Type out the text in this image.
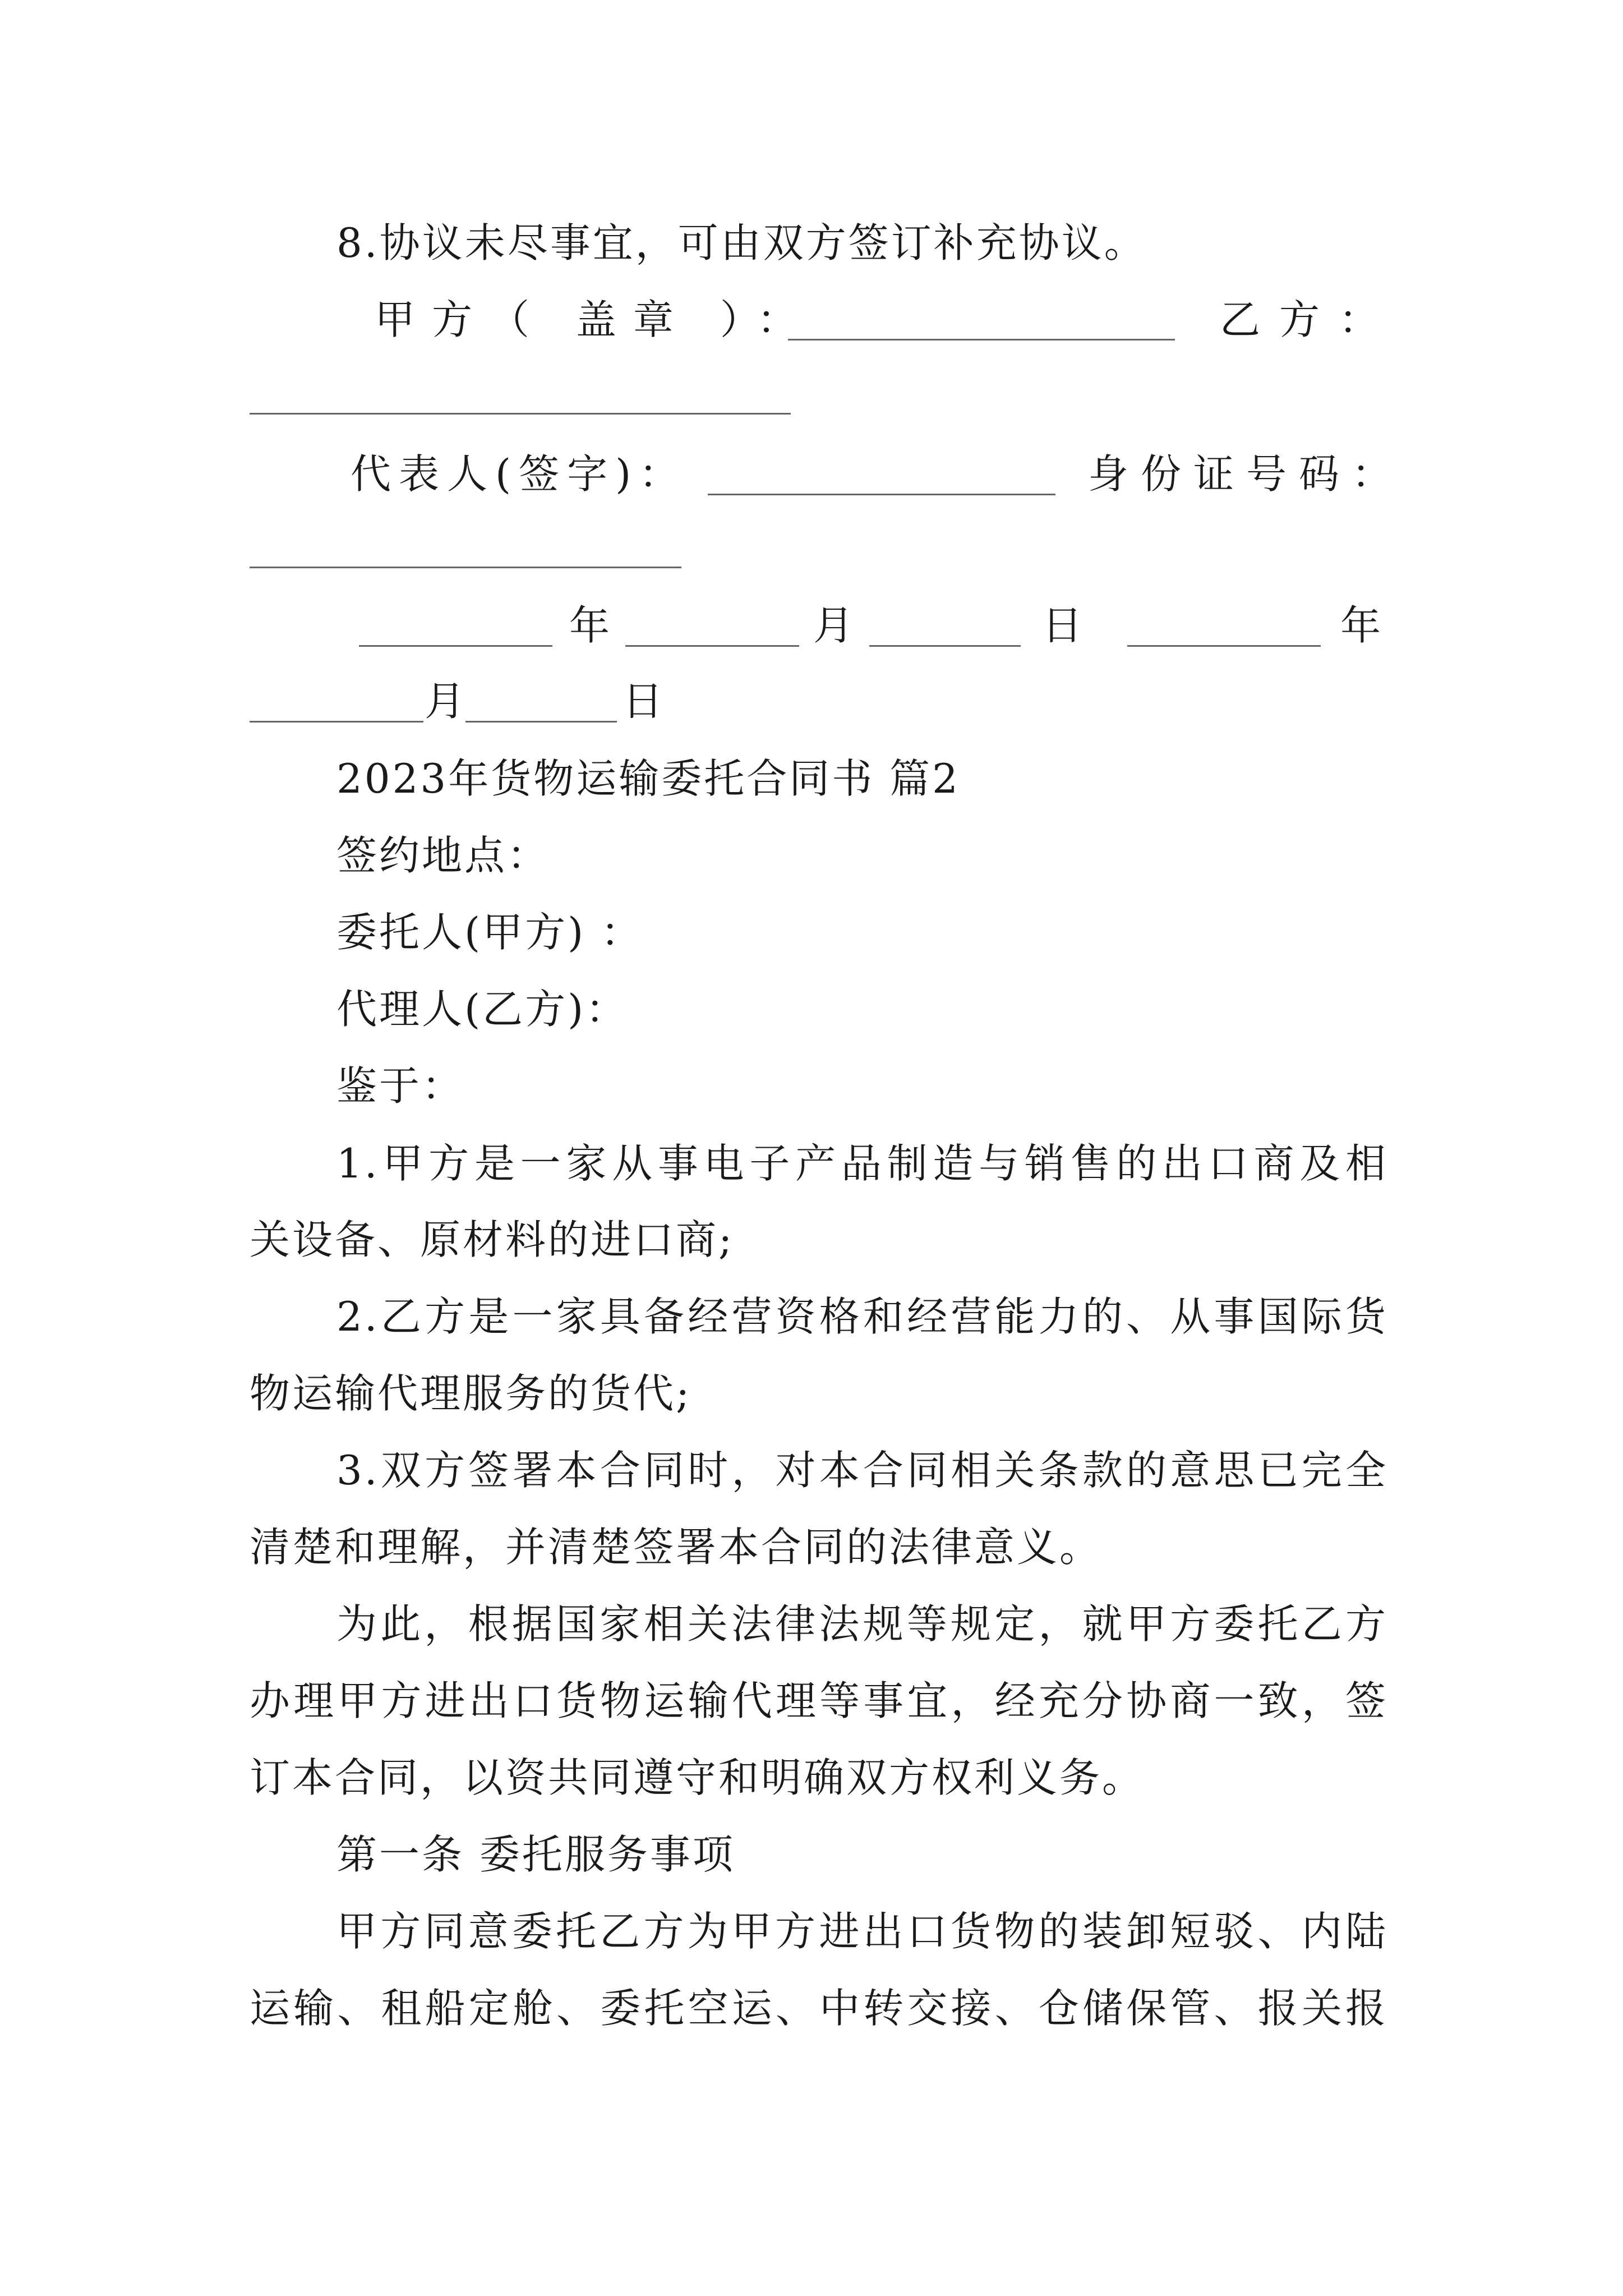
8.协议未尽事宜，可由双方签订补充协议。
甲方（ 盖章 ）：	乙方：
代表人(签字)：	身份证号码：
年	月	日	年
月	日
2023年货物运输委托合同书 篇2
签约地点：
委托人(甲方) ：
代理人(乙方)：
鉴于：
1.甲方是一家从事电子产品制造与销售的出口商及相
关设备、原材料的进口商;
2.乙方是一家具备经营资格和经营能力的、从事国际货
物运输代理服务的货代;
3.双方签署本合同时，对本合同相关条款的意思已完全
清楚和理解，并清楚签署本合同的法律意义。
为此，根据国家相关法律法规等规定，就甲方委托乙方
办理甲方进出口货物运输代理等事宜，经充分协商一致，签
订本合同，以资共同遵守和明确双方权利义务。
第一条 委托服务事项
甲方同意委托乙方为甲方进出口货物的装卸短驳、内陆
运输、租船定舱、委托空运、中转交接、仓储保管、报关报
